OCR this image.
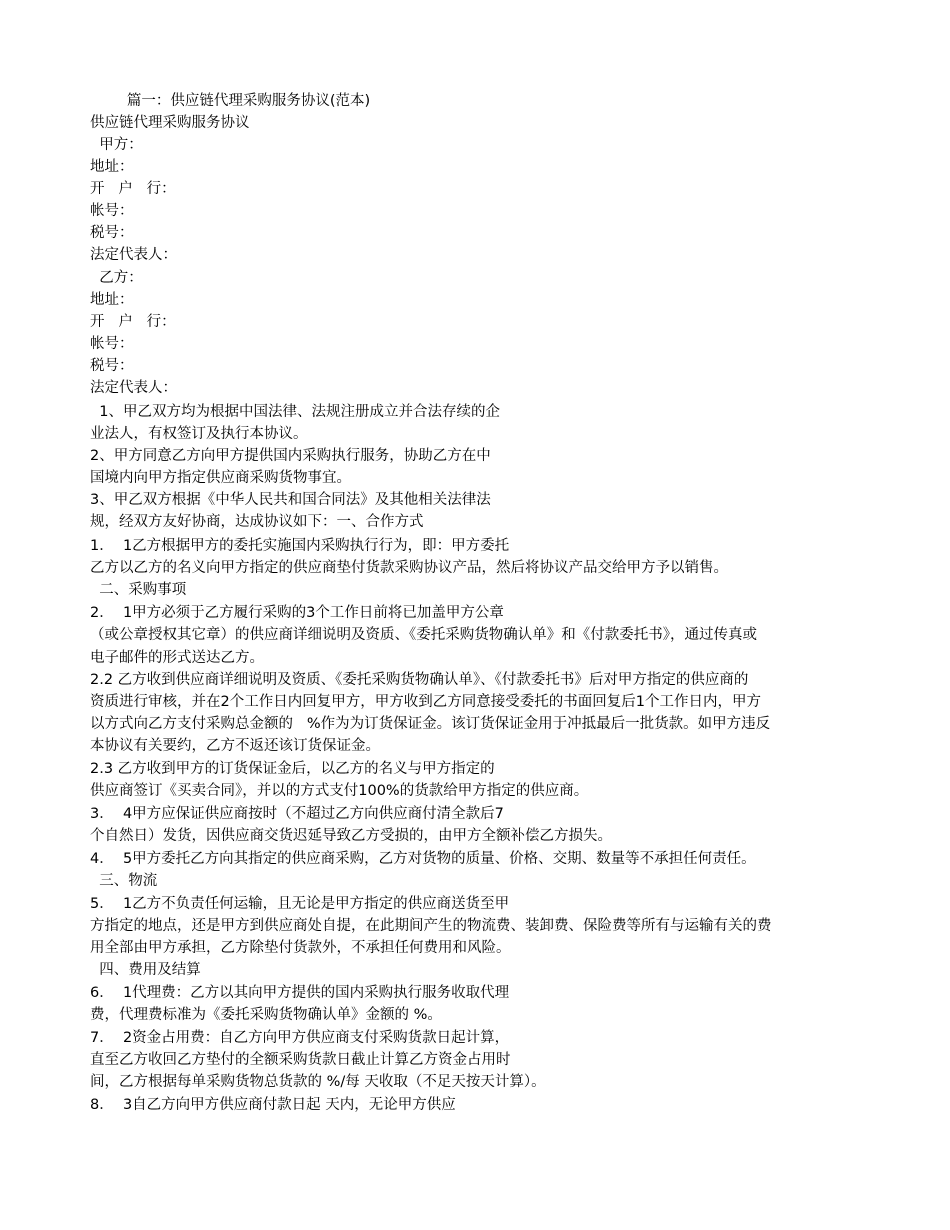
篇一：供应链代理采购服务协议(范本)
供应链代理采购服务协议
甲方：
地址：
开   户   行：
帐号：
税号：
法定代表人：
乙方：
地址：
开   户   行：
帐号：
税号：
法定代表人：
1、甲乙双方均为根据中国法律、法规注册成立并合法存续的企
业法人，有权签订及执行本协议。
2、甲方同意乙方向甲方提供国内采购执行服务，协助乙方在中
国境内向甲方指定供应商采购货物事宜。
3、甲乙双方根据《中华人民共和国合同法》及其他相关法律法
规，经双方友好协商，达成协议如下：一、合作方式
1．  1乙方根据甲方的委托实施国内采购执行行为，即：甲方委托
乙方以乙方的名义向甲方指定的供应商垫付货款采购协议产品，然后将协议产品交给甲方予以销售。
二、采购事项
2．  1甲方必须于乙方履行采购的3个工作日前将已加盖甲方公章
（或公章授权其它章）的供应商详细说明及资质、《委托采购货物确认单》和《付款委托书》，通过传真或
电子邮件的形式送达乙方。
2.2 乙方收到供应商详细说明及资质、《委托采购货物确认单》、《付款委托书》后对甲方指定的供应商的
资质进行审核，并在2个工作日内回复甲方，甲方收到乙方同意接受委托的书面回复后1个工作日内，甲方
以方式向乙方支付采购总金额的   %作为为订货保证金。该订货保证金用于冲抵最后一批货款。如甲方违反
本协议有关要约，乙方不返还该订货保证金。
2.3 乙方收到甲方的订货保证金后，以乙方的名义与甲方指定的
供应商签订《买卖合同》，并以的方式支付100%的货款给甲方指定的供应商。
3．  4甲方应保证供应商按时（不超过乙方向供应商付清全款后7
个自然日）发货，因供应商交货迟延导致乙方受损的，由甲方全额补偿乙方损失。
4．  5甲方委托乙方向其指定的供应商采购，乙方对货物的质量、价格、交期、数量等不承担任何责任。
三、物流
5．  1乙方不负责任何运输，且无论是甲方指定的供应商送货至甲
方指定的地点，还是甲方到供应商处自提，在此期间产生的物流费、装卸费、保险费等所有与运输有关的费
用全部由甲方承担，乙方除垫付货款外，不承担任何费用和风险。
四、费用及结算
6．  1代理费：乙方以其向甲方提供的国内采购执行服务收取代理
费，代理费标准为《委托采购货物确认单》金额的 %。
7．  2资金占用费：自乙方向甲方供应商支付采购货款日起计算，
直至乙方收回乙方垫付的全额采购货款日截止计算乙方资金占用时
间，乙方根据每单采购货物总货款的 %/每 天收取（不足天按天计算）。
8．  3自乙方向甲方供应商付款日起 天内，无论甲方供应
